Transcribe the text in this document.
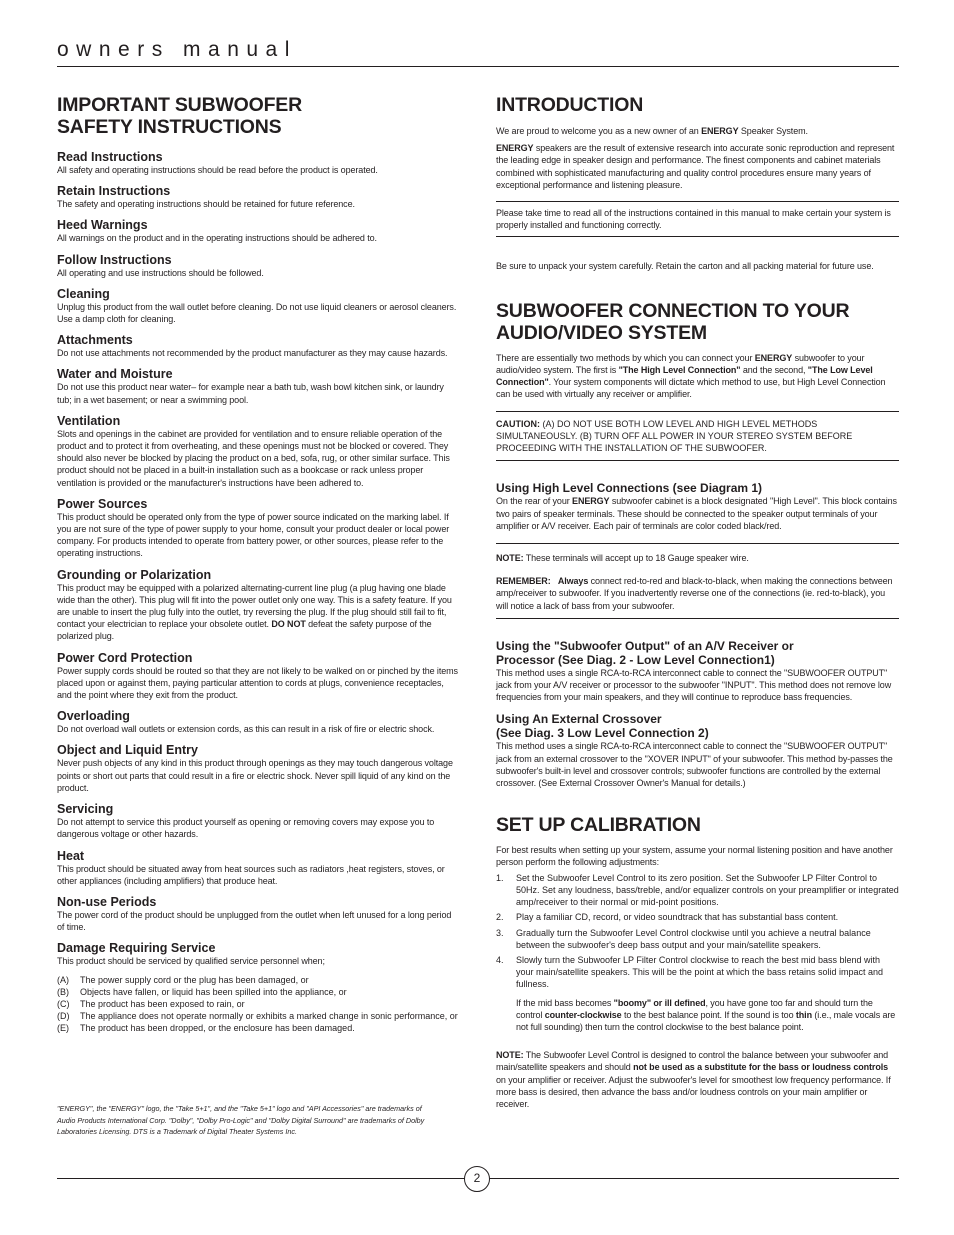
owners manual
IMPORTANT SUBWOOFER
SAFETY INSTRUCTIONS
Read Instructions
All safety and operating instructions should be read before the product is operated.
Retain Instructions
The safety and operating instructions should be retained for future reference.
Heed Warnings
All warnings on the product and in the operating instructions should be adhered to.
Follow Instructions
All operating and use instructions should be followed.
Cleaning
Unplug this product from the wall outlet before cleaning. Do not use liquid cleaners or aerosol cleaners. Use a damp cloth for cleaning.
Attachments
Do not use attachments not recommended by the product manufacturer as they may cause hazards.
Water and Moisture
Do not use this product near water– for example near a bath tub, wash bowl kitchen sink, or laundry tub; in a wet basement; or near a swimming pool.
Ventilation
Slots and openings in the cabinet are provided for ventilation and to ensure reliable operation of the product and to protect it from overheating, and these openings must not be blocked or covered. They should also never be blocked by placing the product on a bed, sofa, rug, or other similar surface. This product should not be placed in a built-in installation such as a bookcase or rack unless proper ventilation is provided or the manufacturer's instructions have been adhered to.
Power Sources
This product should be operated only from the type of power source indicated on the marking label. If you are not sure of the type of power supply to your home, consult your product dealer or local power company. For products intended to operate from battery power, or other sources, please refer to the operating instructions.
Grounding or Polarization
This product may be equipped with a polarized alternating-current line plug (a plug having one blade wide than the other). This plug will fit into the power outlet only one way. This is a safety feature. If you are unable to insert the plug fully into the outlet, try reversing the plug. If the plug should still fail to fit, contact your electrician to replace your obsolete outlet. DO NOT defeat the safety purpose of the polarized plug.
Power Cord Protection
Power supply cords should be routed so that they are not likely to be walked on or pinched by the items placed upon or against them, paying particular attention to cords at plugs, convenience receptacles, and the point where they exit from the product.
Overloading
Do not overload wall outlets or extension cords, as this can result in a risk of fire or electric shock.
Object and Liquid Entry
Never push objects of any kind in this product through openings as they may touch dangerous voltage points or short out parts that could result in a fire or electric shock. Never spill liquid of any kind on the product.
Servicing
Do not attempt to service this product yourself as opening or removing covers may expose you to dangerous voltage or other hazards.
Heat
This product should be situated away from heat sources such as radiators ,heat registers, stoves, or other appliances (including amplifiers) that produce heat.
Non-use Periods
The power cord of the product should be unplugged from the outlet when left unused for a long period of time.
Damage Requiring Service
This product should be serviced by qualified service personnel when;
(A)	The power supply cord or the plug has been damaged, or
(B)	Objects have fallen, or liquid has been spilled into the appliance, or
(C)	The product has been exposed to rain, or
(D)	The appliance does not operate normally or exhibits a marked change in sonic performance, or
(E)	The product has been dropped, or the enclosure has been damaged.
"ENERGY", the "ENERGY" logo, the "Take 5+1", and the "Take 5+1" logo and "API Accessories" are trademarks of Audio Products International Corp. "Dolby", "Dolby Pro-Logic" and "Dolby Digital Surround" are trademarks of Dolby Laboratories Licensing. DTS is a Trademark of Digital Theater Systems Inc.
INTRODUCTION
We are proud to welcome you as a new owner of an ENERGY Speaker System.
ENERGY speakers are the result of extensive research into accurate sonic reproduction and represent the leading edge in speaker design and performance. The finest components and cabinet materials combined with sophisticated manufacturing and quality control procedures ensure many years of exceptional performance and listening pleasure.
Please take time to read all of the instructions contained in this manual to make certain your system is properly installed and functioning correctly.
Be sure to unpack your system carefully. Retain the carton and all packing material for future use.
SUBWOOFER CONNECTION TO YOUR
AUDIO/VIDEO SYSTEM
There are essentially two methods by which you can connect your ENERGY subwoofer to your audio/video system. The first is "The High Level Connection" and the second, "The Low Level Connection". Your system components will dictate which method to use, but High Level Connection can be used with virtually any receiver or amplifier.
CAUTION: (A) DO NOT USE BOTH LOW LEVEL AND HIGH LEVEL METHODS SIMULTANEOUSLY. (B) TURN OFF ALL POWER IN YOUR STEREO SYSTEM BEFORE PROCEEDING WITH THE INSTALLATION OF THE SUBWOOFER.
Using High Level Connections (see Diagram 1)
On the rear of your ENERGY subwoofer cabinet is a block designated "High Level". This block contains two pairs of speaker terminals. These should be connected to the speaker output terminals of your amplifier or A/V receiver. Each pair of terminals are color coded black/red.
NOTE: These terminals will accept up to 18 Gauge speaker wire.
REMEMBER: Always connect red-to-red and black-to-black, when making the connections between amp/receiver to subwoofer. If you inadvertently reverse one of the connections (ie. red-to-black), you will notice a lack of bass from your subwoofer.
Using the "Subwoofer Output" of an A/V Receiver or
Processor (See Diag. 2 - Low Level Connection1)
This method uses a single RCA-to-RCA interconnect cable to connect the "SUBWOOFER OUTPUT" jack from your A/V receiver or processor to the subwoofer "INPUT". This method does not remove low frequencies from your main speakers, and they will continue to reproduce bass frequencies.
Using An External Crossover
(See Diag. 3 Low Level Connection 2)
This method uses a single RCA-to-RCA interconnect cable to connect the "SUBWOOFER OUTPUT" jack from an external crossover to the "XOVER INPUT" of your subwoofer. This method by-passes the subwoofer's built-in level and crossover controls; subwoofer functions are controlled by the external crossover. (See External Crossover Owner's Manual for details.)
SET UP CALIBRATION
For best results when setting up your system, assume your normal listening position and have another person perform the following adjustments:
1.	Set the Subwoofer Level Control to its zero position. Set the Subwoofer LP Filter Control to 50Hz. Set any loudness, bass/treble, and/or equalizer controls on your preamplifier or integrated amp/receiver to their normal or mid-point positions.
2.	Play a familiar CD, record, or video soundtrack that has substantial bass content.
3.	Gradually turn the Subwoofer Level Control clockwise until you achieve a neutral balance between the subwoofer's deep bass output and your main/satellite speakers.
4.	Slowly turn the Subwoofer LP Filter Control clockwise to reach the best mid bass blend with your main/satellite speakers. This will be the point at which the bass retains solid impact and fullness.
If the mid bass becomes "boomy" or ill defined, you have gone too far and should turn the control counter-clockwise to the best balance point. If the sound is too thin (i.e., male vocals are not full sounding) then turn the control clockwise to the best balance point.
NOTE: The Subwoofer Level Control is designed to control the balance between your subwoofer and main/satellite speakers and should not be used as a substitute for the bass or loudness controls on your amplifier or receiver. Adjust the subwoofer's level for smoothest low frequency performance. If more bass is desired, then advance the bass and/or loudness controls on your main amplifier or receiver.
2
